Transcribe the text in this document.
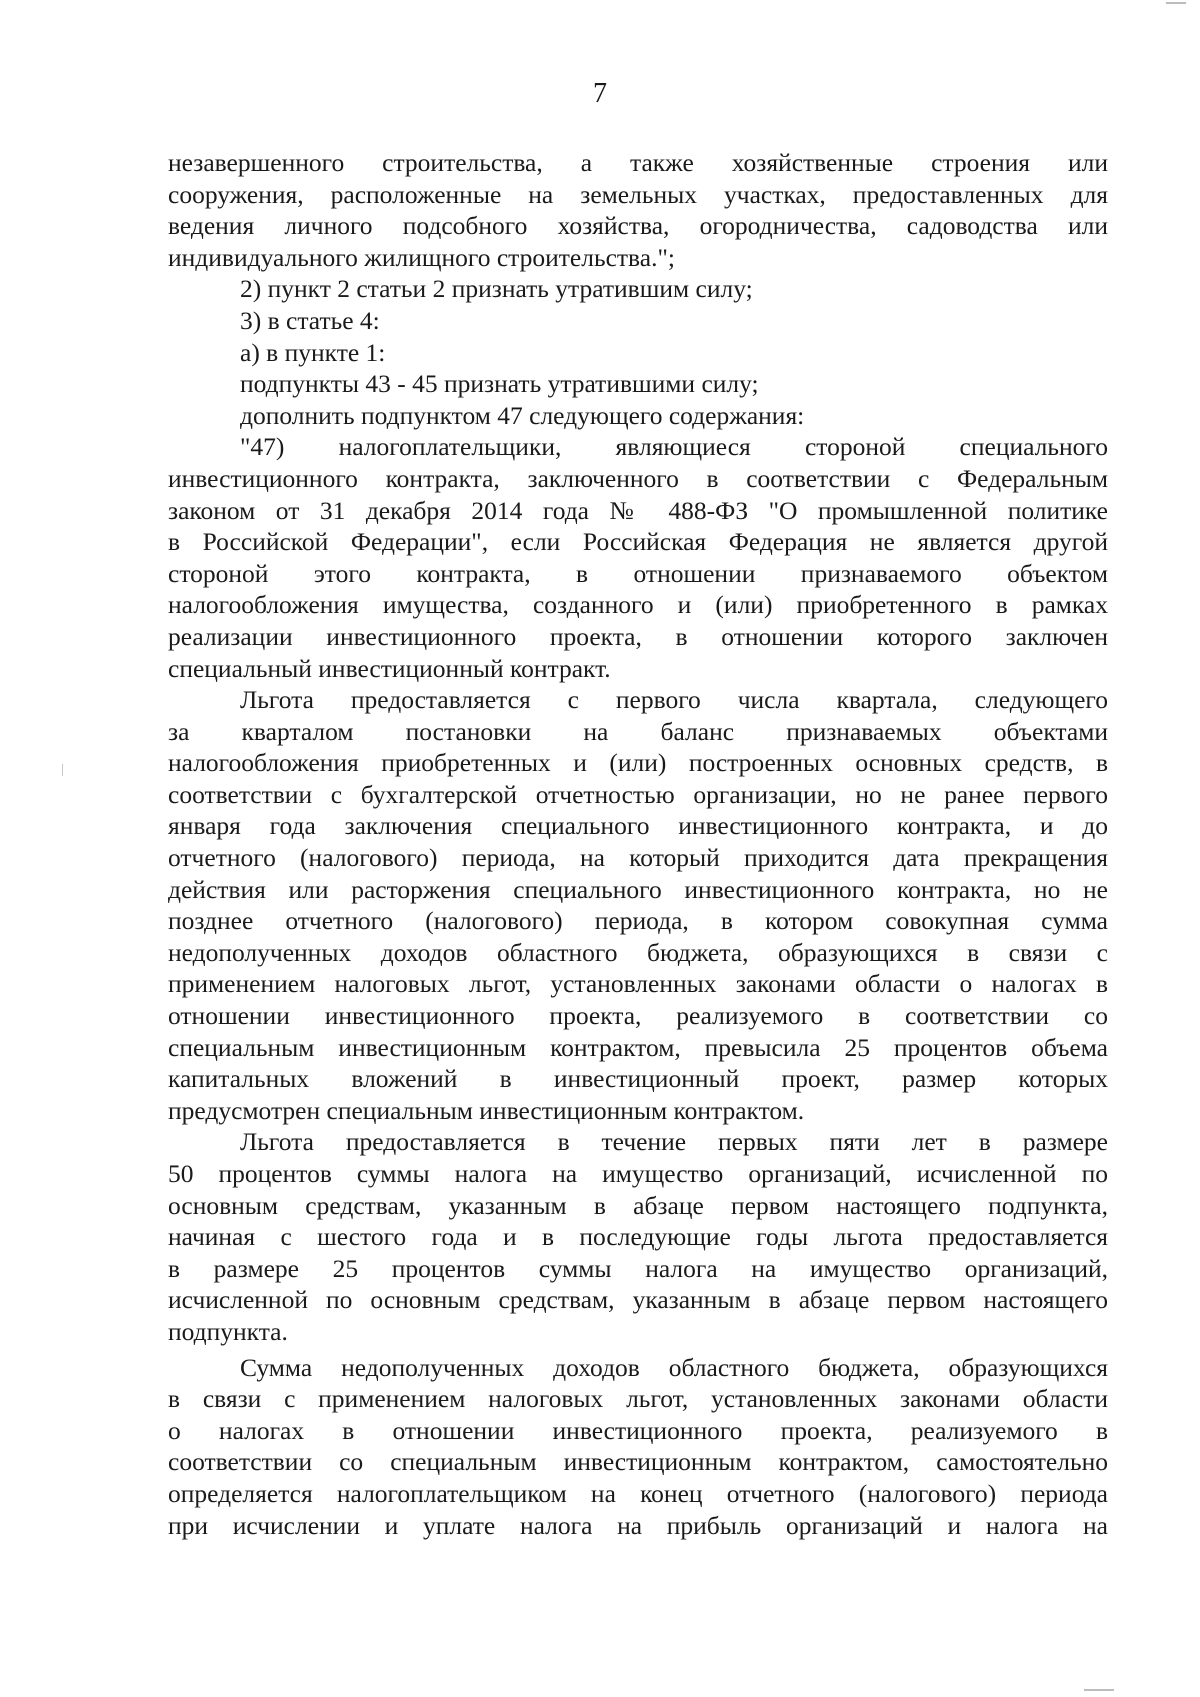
7

незавершенного строительства, а также хозяйственные строения или
сооружения, расположенные на земельных участках, предоставленных для
ведения личного подсобного хозяйства, огородничества, садоводства или
индивидуального жилищного строительства.";

2) пункт 2 статьи 2 признать утратившим силу;

3) в статье 4:

а) в пункте 1:

подпункты 43 - 45 признать утратившими силу;

дополнить подпунктом 47 следующего содержания:

"47) налогоплательщики, являющиеся стороной специального
инвестиционного контракта, заключенного в соответствии с Федеральным
законом от 31 декабря 2014 года № 488-ФЗ "О промышленной политике
в Российской Федерации", если Российская Федерация не является другой
стороной этого контракта, в отношении признаваемого объектом
налогообложения имущества, созданного и (или) приобретенного в рамках
реализации инвестиционного проекта, в отношении которого заключен
специальный инвестиционный контракт.

Льгота предоставляется с первого числа квартала, следующего
за кварталом постановки на баланс признаваемых объектами
налогообложения приобретенных и (или) построенных основных средств, в
соответствии с бухгалтерской отчетностью организации, но не ранее первого
января года заключения специального инвестиционного контракта, и до
отчетного (налогового) периода, на который приходится дата прекращения
действия или расторжения специального инвестиционного контракта, но не
позднее отчетного (налогового) периода, в котором совокупная сумма
недополученных доходов областного бюджета, образующихся в связи с
применением налоговых льгот, установленных законами области о налогах в
отношении инвестиционного проекта, реализуемого в соответствии со
специальным инвестиционным контрактом, превысила 25 процентов объема
капитальных вложений в инвестиционный проект, размер которых
предусмотрен специальным инвестиционным контрактом.

Льгота предоставляется в течение первых пяти лет в размере
50 процентов суммы налога на имущество организаций, исчисленной по
основным средствам, указанным в абзаце первом настоящего подпункта,
начиная с шестого года и в последующие годы льгота предоставляется
в размере 25 процентов суммы налога на имущество организаций,
исчисленной по основным средствам, указанным в абзаце первом настоящего
подпункта.

Сумма недополученных доходов областного бюджета, образующихся
в связи с применением налоговых льгот, установленных законами области
о налогах в отношении инвестиционного проекта, реализуемого в
соответствии со специальным инвестиционным контрактом, самостоятельно
определяется налогоплательщиком на конец отчетного (налогового) периода
при исчислении и уплате налога на прибыль организаций и налога на
